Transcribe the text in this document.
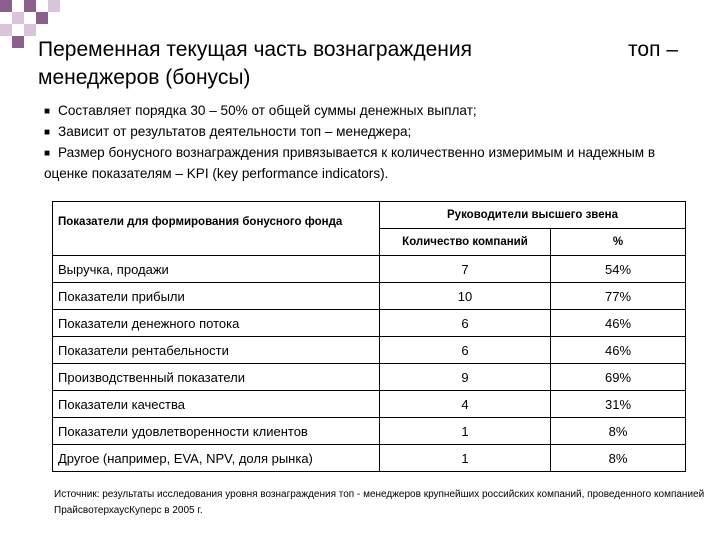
Переменная текущая часть вознаграждения	топ –
менеджеров (бонусы)

■ Составляет порядка 30 – 50% от общей суммы денежных выплат;

■ Зависит от результатов деятельности топ – менеджера;

■ Размер бонусного вознаграждения привязывается к количественно измеримым и надежным в оценке показателям – KPI (key performance indicators).

Показатели для формирования бонусного фонда	Руководители высшего звена	
	Количество компаний	%
Выручка, продажи	7	54%
Показатели прибыли	10	77%
Показатели денежного потока	6	46%
Показатели рентабельности	6	46%
Производственный показатели	9	69%
Показатели качества	4	31%
Показатели удовлетворенности клиентов	1	8%
Другое (например, EVA, NPV, доля рынка)	1	8%
Источник: результаты исследования уровня вознаграждения топ - менеджеров крупнейших российских компаний, проведенного компанией ПрайсвотерхаусКуперс в 2005 г.
